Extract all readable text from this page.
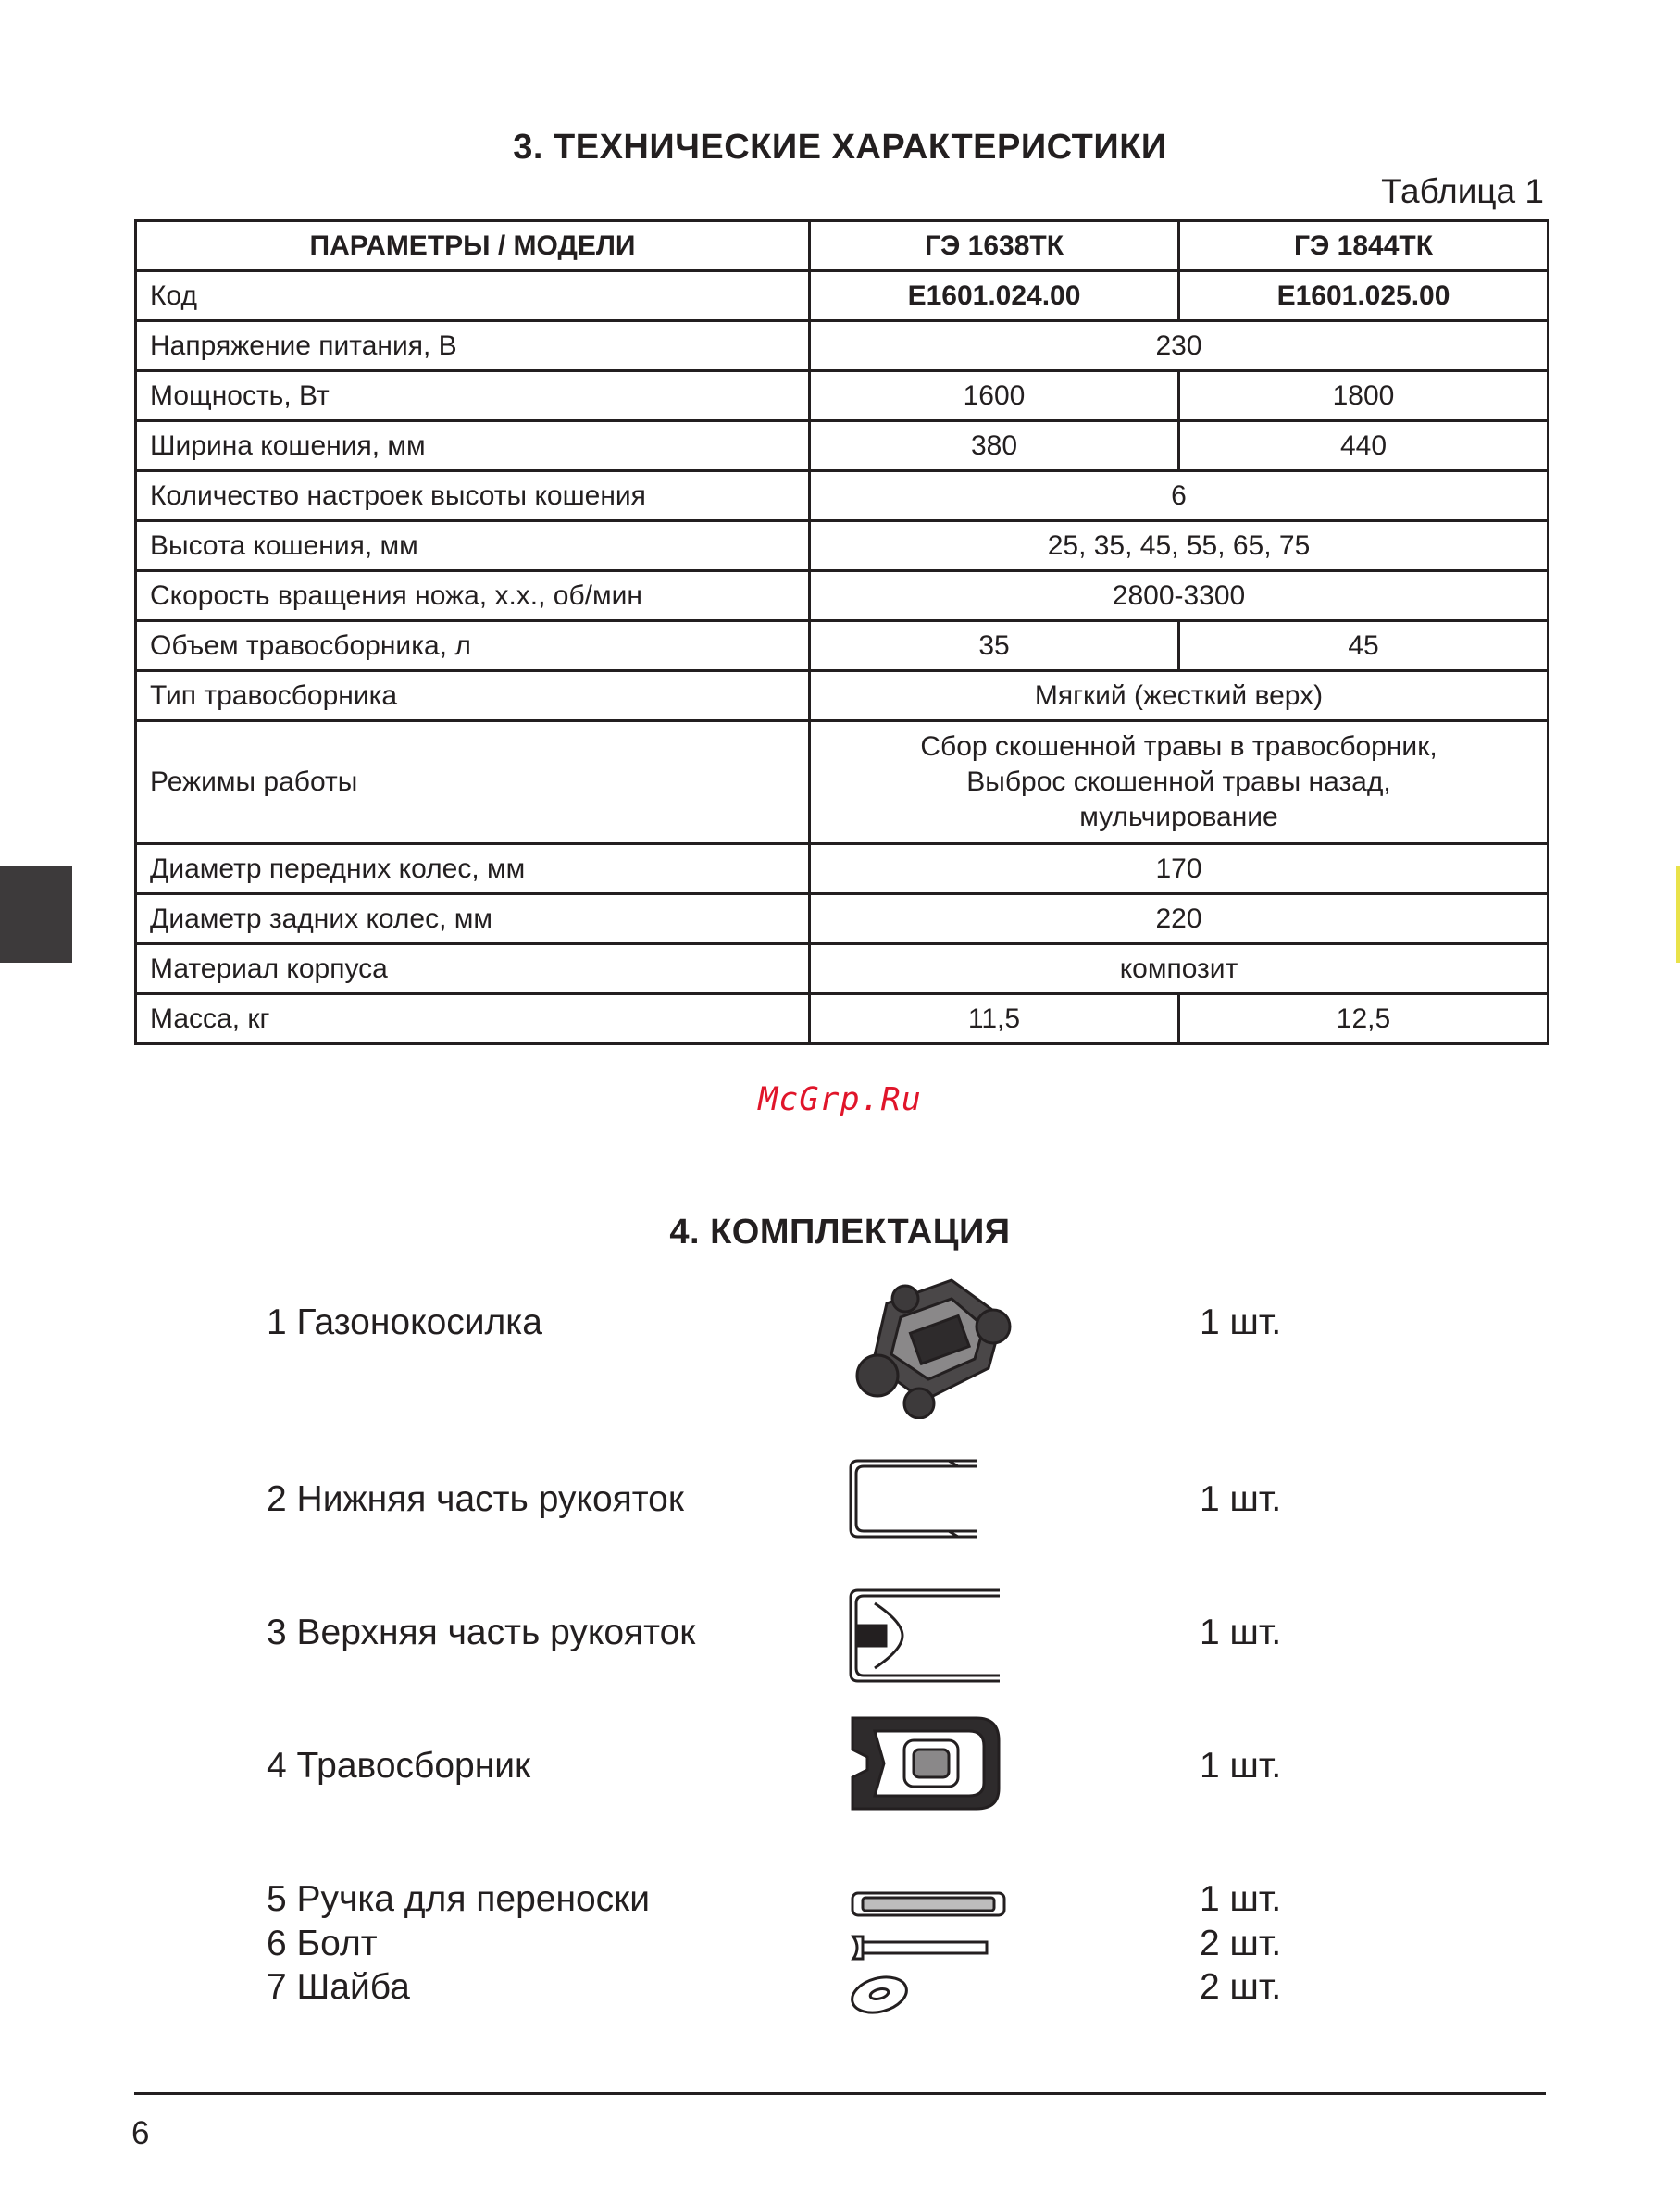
3. ТЕХНИЧЕСКИЕ ХАРАКТЕРИСТИКИ
Таблица 1
ПАРАМЕТРЫ / МОДЕЛИ	ГЭ 1638ТК	ГЭ 1844ТК
Код	E1601.024.00	E1601.025.00
Напряжение питания, В	230	
Мощность, Вт	1600	1800
Ширина кошения, мм	380	440
Количество настроек высоты кошения	6	
Высота кошения, мм	25, 35, 45, 55, 65, 75	
Скорость вращения ножа, х.х., об/мин	2800-3300	
Объем травосборника, л	35	45
Тип травосборника	Мягкий (жесткий верх)	
Режимы работы	Сбор скошенной травы в травосборник,
Выброс скошенной травы назад,
мульчирование	

Диаметр передних колес, мм	170	
Диаметр задних колес, мм	220	
Материал корпуса	композит	
Масса, кг	11,5	12,5
McGrp.Ru
4. КОМПЛЕКТАЦИЯ
1 Газонокосилка	1 шт.
2 Нижняя часть рукояток	1 шт.
3 Верхняя часть рукояток	1 шт.
4 Травосборник	1 шт.
5 Ручка для переноски	1 шт.
6 Болт	2 шт.
7 Шайба	2 шт.
6
